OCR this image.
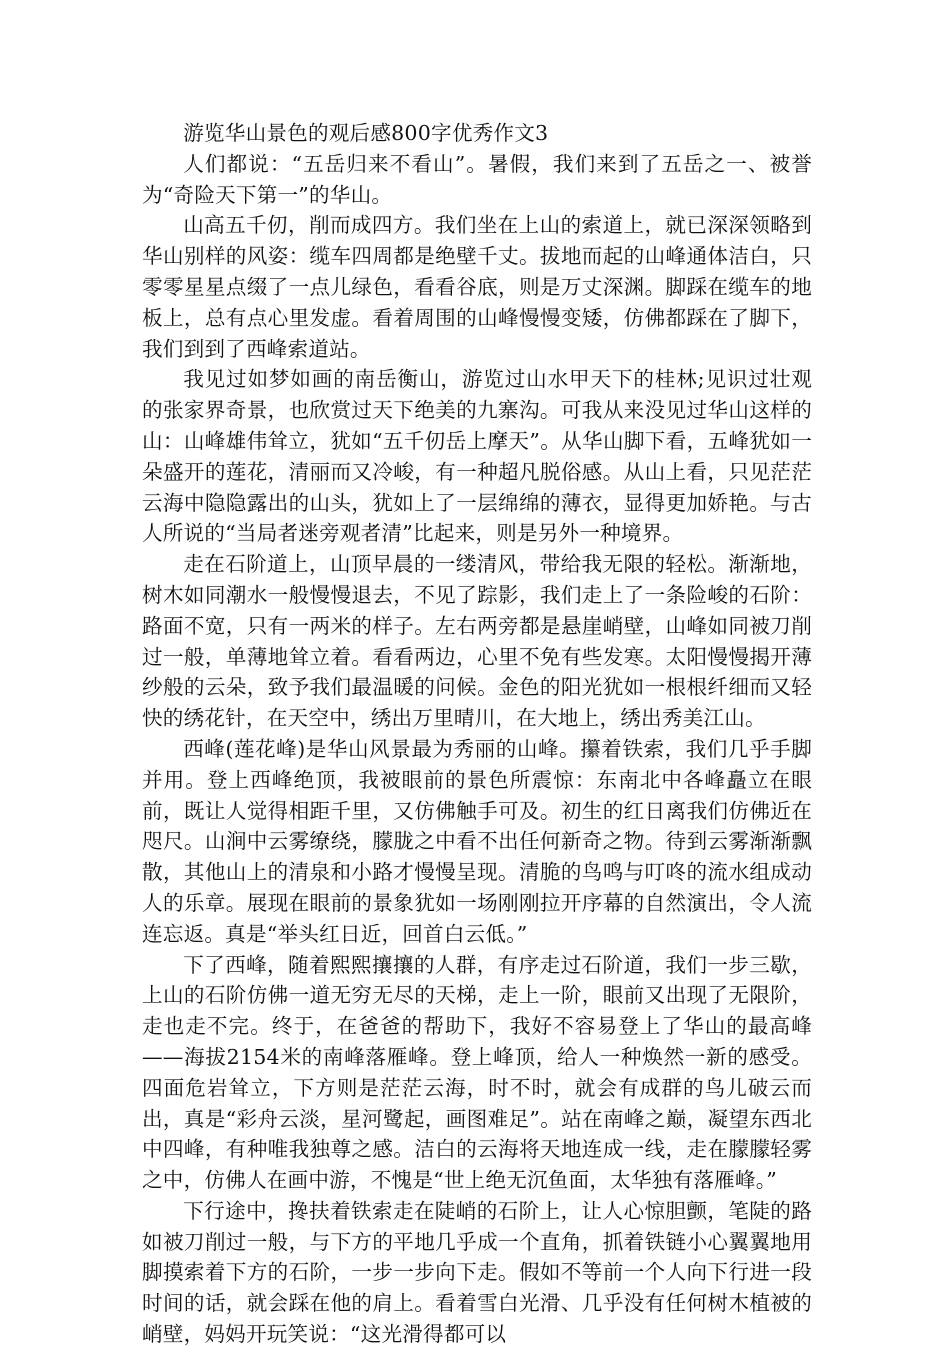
游览华山景色的观后感800字优秀作文3

人们都说：“五岳归来不看山”。暑假，我们来到了五岳之一、被誉为“奇险天下第一”的华山。

山高五千仞，削而成四方。我们坐在上山的索道上，就已深深领略到华山别样的风姿：缆车四周都是绝壁千丈。拔地而起的山峰通体洁白，只零零星星点缀了一点儿绿色，看看谷底，则是万丈深渊。脚踩在缆车的地板上，总有点心里发虚。看着周围的山峰慢慢变矮，仿佛都踩在了脚下，我们到到了西峰索道站。

我见过如梦如画的南岳衡山，游览过山水甲天下的桂林;见识过壮观的张家界奇景，也欣赏过天下绝美的九寨沟。可我从来没见过华山这样的山：山峰雄伟耸立，犹如“五千仞岳上摩天”。从华山脚下看，五峰犹如一朵盛开的莲花，清丽而又冷峻，有一种超凡脱俗感。从山上看，只见茫茫云海中隐隐露出的山头，犹如上了一层绵绵的薄衣，显得更加娇艳。与古人所说的“当局者迷旁观者清”比起来，则是另外一种境界。

走在石阶道上，山顶早晨的一缕清风，带给我无限的轻松。渐渐地，树木如同潮水一般慢慢退去，不见了踪影，我们走上了一条险峻的石阶：路面不宽，只有一两米的样子。左右两旁都是悬崖峭壁，山峰如同被刀削过一般，单薄地耸立着。看看两边，心里不免有些发寒。太阳慢慢揭开薄纱般的云朵，致予我们最温暖的问候。金色的阳光犹如一根根纤细而又轻快的绣花针，在天空中，绣出万里晴川，在大地上，绣出秀美江山。

西峰(莲花峰)是华山风景最为秀丽的山峰。攥着铁索，我们几乎手脚并用。登上西峰绝顶，我被眼前的景色所震惊：东南北中各峰矗立在眼前，既让人觉得相距千里，又仿佛触手可及。初生的红日离我们仿佛近在咫尺。山涧中云雾缭绕，朦胧之中看不出任何新奇之物。待到云雾渐渐飘散，其他山上的清泉和小路才慢慢呈现。清脆的鸟鸣与叮咚的流水组成动人的乐章。展现在眼前的景象犹如一场刚刚拉开序幕的自然演出，令人流连忘返。真是“举头红日近，回首白云低。”

下了西峰，随着熙熙攘攘的人群，有序走过石阶道，我们一步三歇，上山的石阶仿佛一道无穷无尽的天梯，走上一阶，眼前又出现了无限阶，走也走不完。终于，在爸爸的帮助下，我好不容易登上了华山的最高峰——海拔2154米的南峰落雁峰。登上峰顶，给人一种焕然一新的感受。四面危岩耸立，下方则是茫茫云海，时不时，就会有成群的鸟儿破云而出，真是“彩舟云淡，星河鹭起，画图难足”。站在南峰之巅，凝望东西北中四峰，有种唯我独尊之感。洁白的云海将天地连成一线，走在朦朦轻雾之中，仿佛人在画中游，不愧是“世上绝无沉鱼面，太华独有落雁峰。”

下行途中，搀扶着铁索走在陡峭的石阶上，让人心惊胆颤，笔陡的路如被刀削过一般，与下方的平地几乎成一个直角，抓着铁链小心翼翼地用脚摸索着下方的石阶，一步一步向下走。假如不等前一个人向下行进一段时间的话，就会踩在他的肩上。看着雪白光滑、几乎没有任何树木植被的峭壁，妈妈开玩笑说：“这光滑得都可以
